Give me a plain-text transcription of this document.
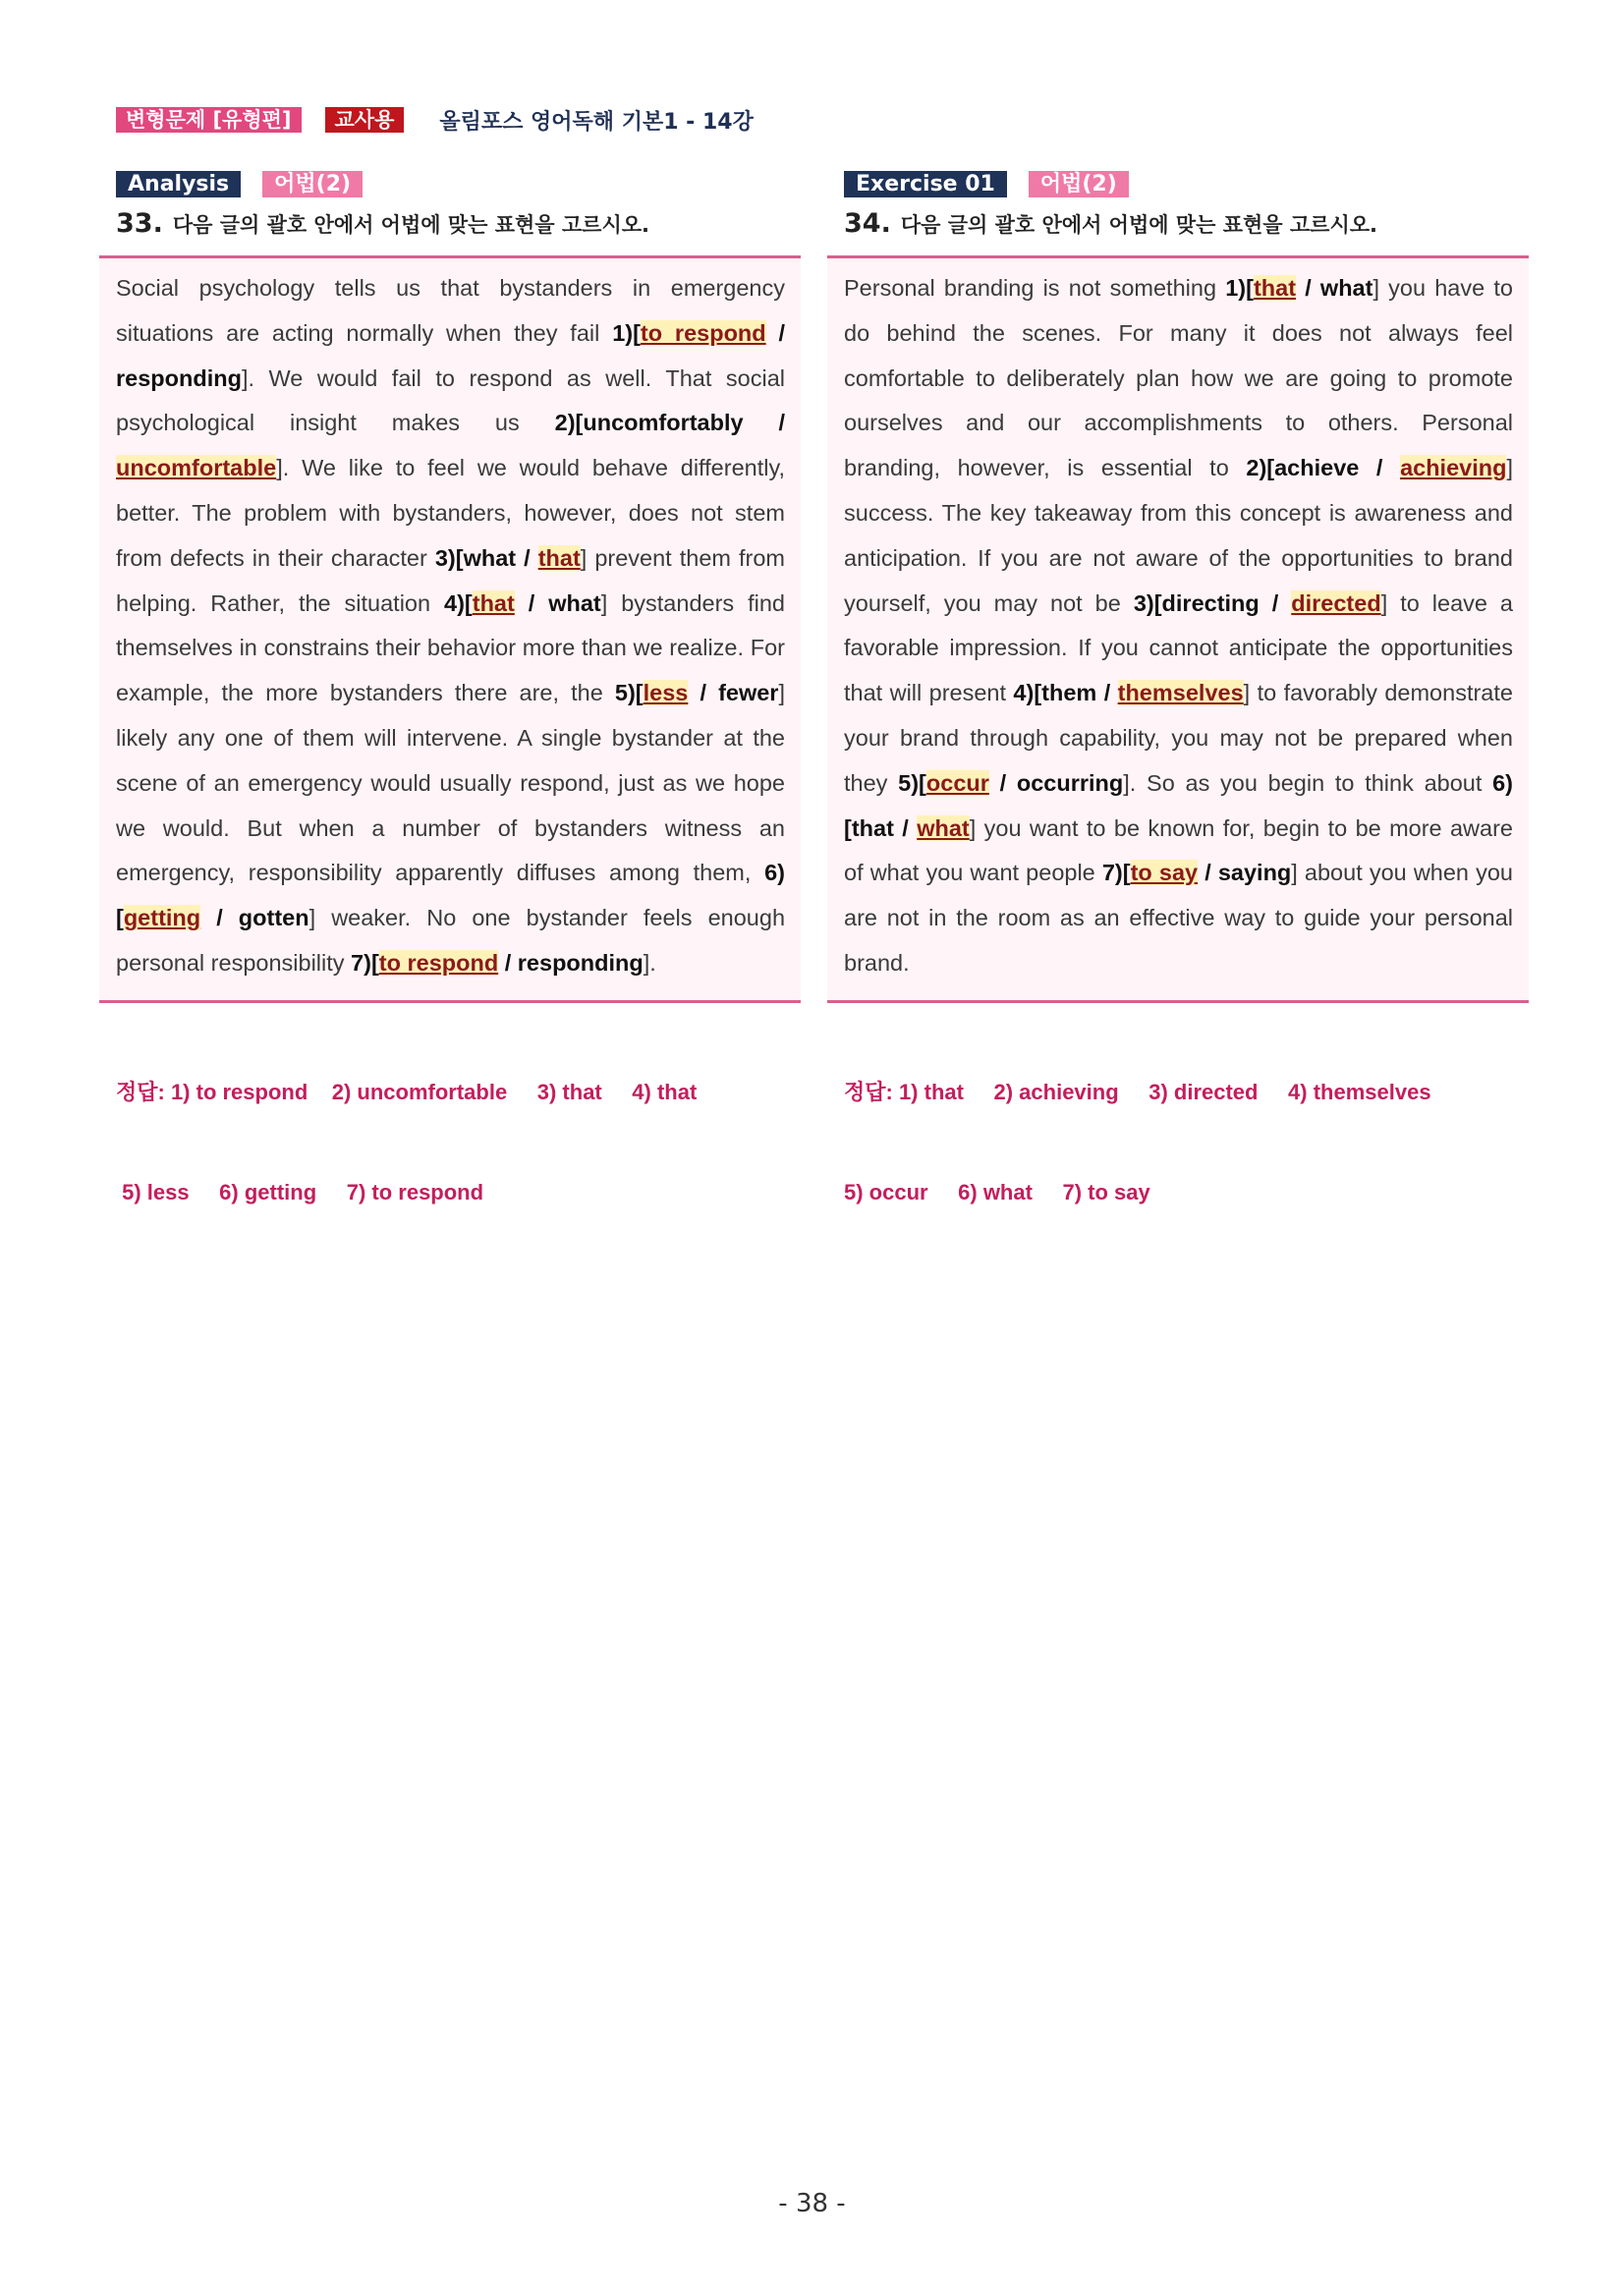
변형문제 [유형편]	교사용	올림포스 영어독해 기본1 - 14강
Analysis	어법(2)
33. 다음 글의 괄호 안에서 어법에 맞는 표현을 고르시오.
Social psychology tells us that bystanders in emergency situations are acting normally when they fail 1)[to respond / responding]. We would fail to respond as well. That social psychological insight makes us 2)[uncomfortably / uncomfortable]. We like to feel we would behave differently, better. The problem with bystanders, however, does not stem from defects in their character 3)[what / that] prevent them from helping. Rather, the situation 4)[that / what] bystanders find themselves in constrains their behavior more than we realize. For example, the more bystanders there are, the 5)[less / fewer] likely any one of them will intervene. A single bystander at the scene of an emergency would usually respond, just as we hope we would. But when a number of bystanders witness an emergency, responsibility apparently diffuses among them, 6)[getting / gotten] weaker. No one bystander feels enough personal responsibility 7)[to respond / responding].

정답: 1) to respond    2) uncomfortable     3) that     4) that

5) less     6) getting     7) to respond

Exercise 01	어법(2)
34. 다음 글의 괄호 안에서 어법에 맞는 표현을 고르시오.
Personal branding is not something 1)[that / what] you have to do behind the scenes. For many it does not always feel comfortable to deliberately plan how we are going to promote ourselves and our accomplishments to others. Personal branding, however, is essential to 2)[achieve / achieving] success. The key takeaway from this concept is awareness and anticipation. If you are not aware of the opportunities to brand yourself, you may not be 3)[directing / directed] to leave a favorable impression. If you cannot anticipate the opportunities that will present 4)[them / themselves] to favorably demonstrate your brand through capability, you may not be prepared when they 5)[occur / occurring]. So as you begin to think about 6)[that / what] you want to be known for, begin to be more aware of what you want people 7)[to say / saying] about you when you are not in the room as an effective way to guide your personal brand.

정답: 1) that     2) achieving     3) directed     4) themselves

5) occur     6) what     7) to say

- 38 -
